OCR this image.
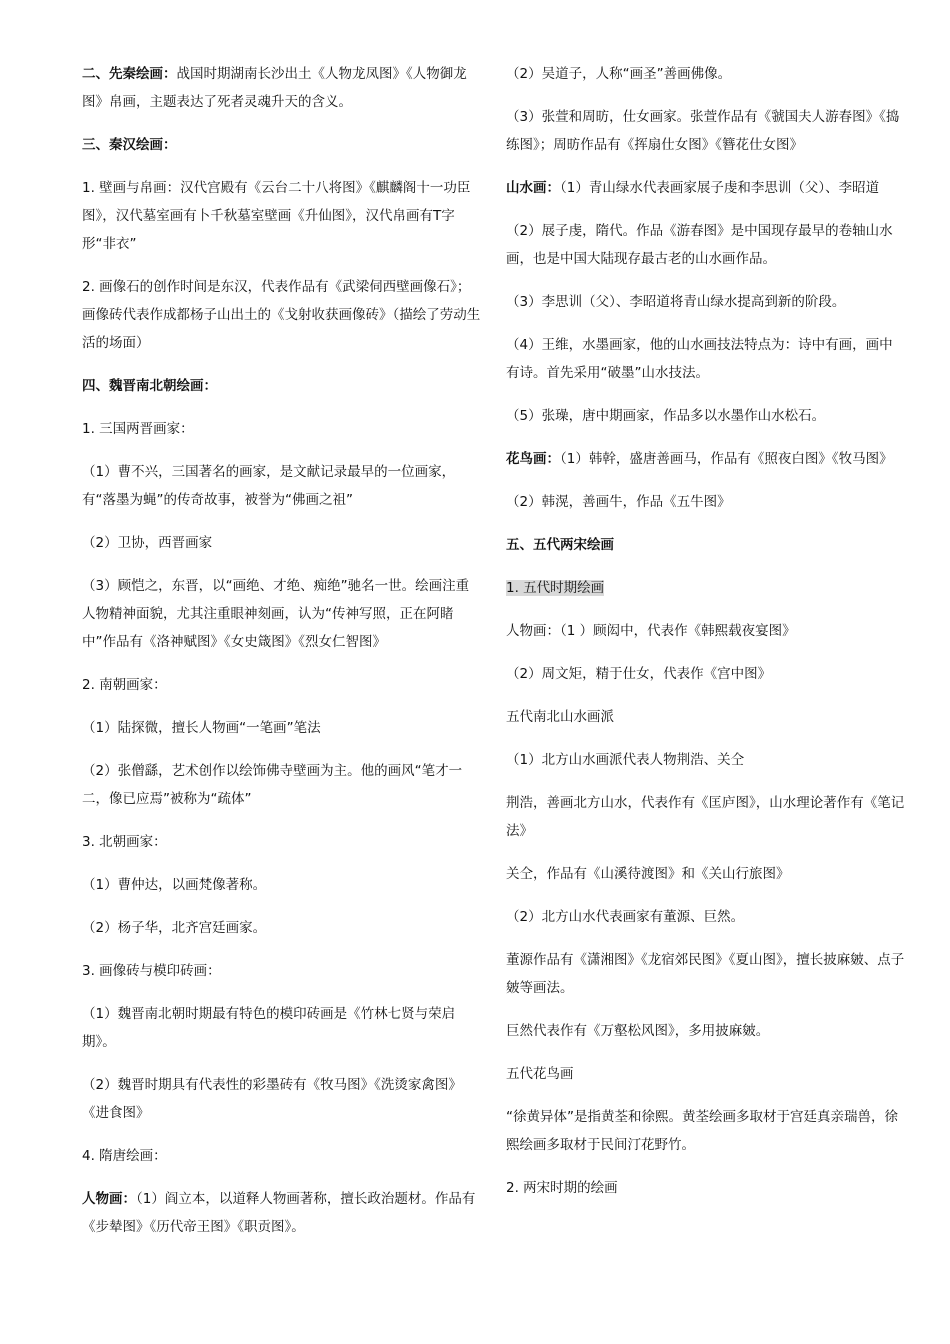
二、先秦绘画：战国时期湖南长沙出土《人物龙凤图》《人物御龙图》帛画，主题表达了死者灵魂升天的含义。

三、秦汉绘画：

1. 壁画与帛画：汉代宫殿有《云台二十八将图》《麒麟阁十一功臣图》，汉代墓室画有卜千秋墓室壁画《升仙图》，汉代帛画有T字形“非衣”

2. 画像石的创作时间是东汉，代表作品有《武梁伺西壁画像石》；画像砖代表作成都杨子山出土的《戈射收获画像砖》（描绘了劳动生活的场面）

四、魏晋南北朝绘画：

1. 三国两晋画家：

（1）曹不兴，三国著名的画家，是文献记录最早的一位画家，有“落墨为蝇”的传奇故事，被誉为“佛画之祖”

（2）卫协，西晋画家

（3）顾恺之，东晋，以“画绝、才绝、痴绝”驰名一世。绘画注重人物精神面貌，尤其注重眼神刻画，认为“传神写照，正在阿睹中”作品有《洛神赋图》《女史箴图》《烈女仁智图》

2. 南朝画家：

（1）陆探微，擅长人物画“一笔画”笔法

（2）张僧繇，艺术创作以绘饰佛寺壁画为主。他的画风“笔才一二，像已应焉”被称为“疏体”

3. 北朝画家：

（1）曹仲达，以画梵像著称。

（2）杨子华，北齐宫廷画家。

3. 画像砖与模印砖画：

（1）魏晋南北朝时期最有特色的模印砖画是《竹林七贤与荣启期》。

（2）魏晋时期具有代表性的彩墨砖有《牧马图》《洗烫家禽图》《进食图》

4. 隋唐绘画：

人物画：（1）阎立本，以道释人物画著称，擅长政治题材。作品有《步辇图》《历代帝王图》《职贡图》。

（2）吴道子，人称“画圣”善画佛像。

（3）张萱和周昉，仕女画家。张萱作品有《虢国夫人游春图》《捣练图》；周昉作品有《挥扇仕女图》《簪花仕女图》

山水画：（1）青山绿水代表画家展子虔和李思训（父）、李昭道

（2）展子虔，隋代。作品《游春图》是中国现存最早的卷轴山水画，也是中国大陆现存最古老的山水画作品。

（3）李思训（父）、李昭道将青山绿水提高到新的阶段。

（4）王维，水墨画家，他的山水画技法特点为：诗中有画，画中有诗。首先采用“破墨”山水技法。

（5）张璪，唐中期画家，作品多以水墨作山水松石。

花鸟画：（1）韩幹，盛唐善画马，作品有《照夜白图》《牧马图》

（2）韩滉，善画牛，作品《五牛图》

五、五代两宋绘画

1. 五代时期绘画

人物画：（1 ）顾闳中，代表作《韩熙载夜宴图》

（2）周文矩，精于仕女，代表作《宫中图》

五代南北山水画派

（1）北方山水画派代表人物荆浩、关仝

荆浩，善画北方山水，代表作有《匡庐图》，山水理论著作有《笔记法》

关仝，作品有《山溪待渡图》和《关山行旅图》

（2）北方山水代表画家有董源、巨然。

董源作品有《潇湘图》《龙宿郊民图》《夏山图》，擅长披麻皴、点子皴等画法。

巨然代表作有《万壑松风图》，多用披麻皴。

五代花鸟画

“徐黄异体”是指黄荃和徐熙。黄荃绘画多取材于宫廷真亲瑞兽，徐熙绘画多取材于民间汀花野竹。

2. 两宋时期的绘画
